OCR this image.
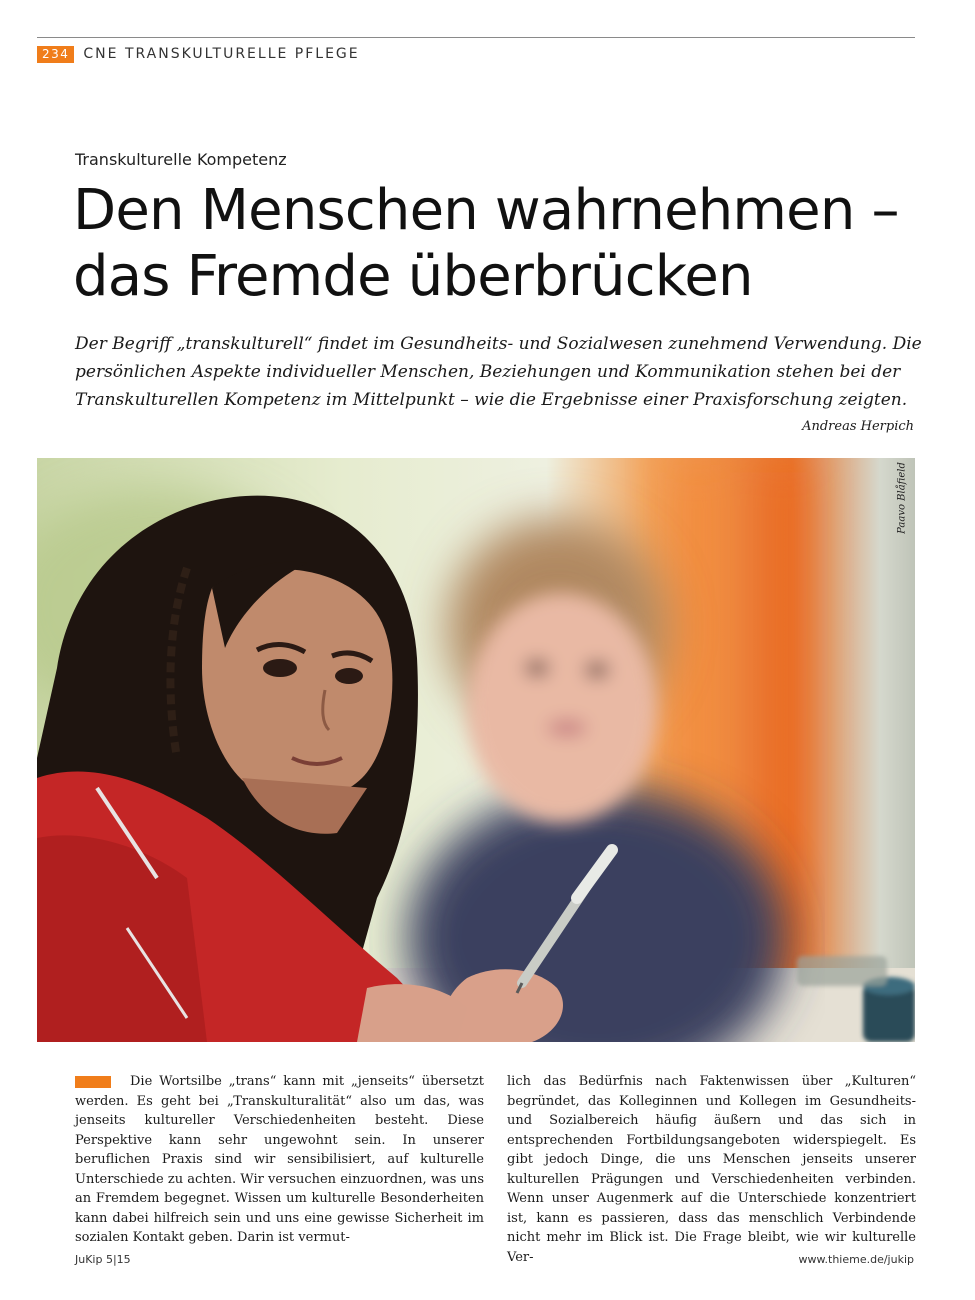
234	CNE TRANSKULTURELLE PFLEGE
Transkulturelle Kompetenz
Den Menschen wahrnehmen –
das Fremde überbrücken

Der Begriff „transkulturell“ findet im Gesundheits- und Sozialwesen zunehmend Verwendung. Die persönlichen Aspekte individueller Menschen, Beziehungen und Kommunikation stehen bei der Transkulturellen Kompetenz im Mittelpunkt – wie die Ergebnisse einer Praxisforschung zeigten.

Andreas Herpich
Paavo Blåfield

Die Wortsilbe „trans“ kann mit „jenseits“ übersetzt werden. Es geht bei „Transkulturalität“ also um das, was jenseits kultureller Verschiedenheiten besteht. Diese Perspektive kann sehr ungewohnt sein. In unserer beruflichen Praxis sind wir sensibilisiert, auf kulturelle Unterschiede zu achten. Wir versuchen einzuordnen, was uns an Fremdem begegnet. Wissen um kulturelle Besonderheiten kann dabei hilfreich sein und uns eine gewisse Sicherheit im sozialen Kontakt geben. Darin ist vermut-

lich das Bedürfnis nach Faktenwissen über „Kulturen“ begründet, das Kolleginnen und Kollegen im Gesundheits- und Sozialbereich häufig äußern und das sich in entsprechenden Fortbildungsangeboten widerspiegelt. Es gibt jedoch Dinge, die uns Menschen jenseits unserer kulturellen Prägungen und Verschiedenheiten verbinden. Wenn unser Augenmerk auf die Unterschiede konzentriert ist, kann es passieren, dass das menschlich Verbindende nicht mehr im Blick ist. Die Frage bleibt, wie wir kulturelle Ver-

JuKip 5|15	www.thieme.de/jukip
